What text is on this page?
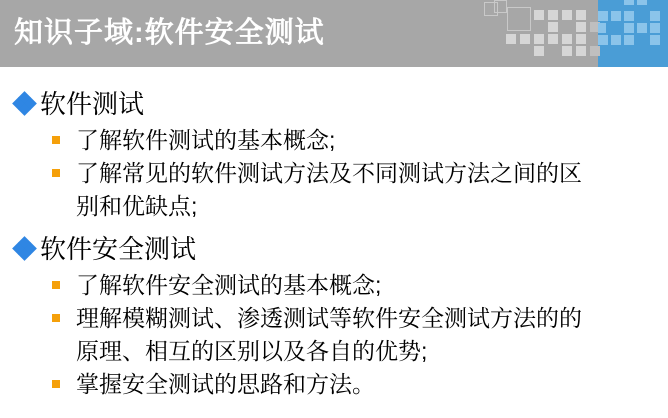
知识子域:软件安全测试
软件测试
了解软件测试的基本概念;
了解常见的软件测试方法及不同测试方法之间的区别和优缺点;
软件安全测试
了解软件安全测试的基本概念;
理解模糊测试、渗透测试等软件安全测试方法的的原理、相互的区别以及各自的优势;
掌握安全测试的思路和方法。
